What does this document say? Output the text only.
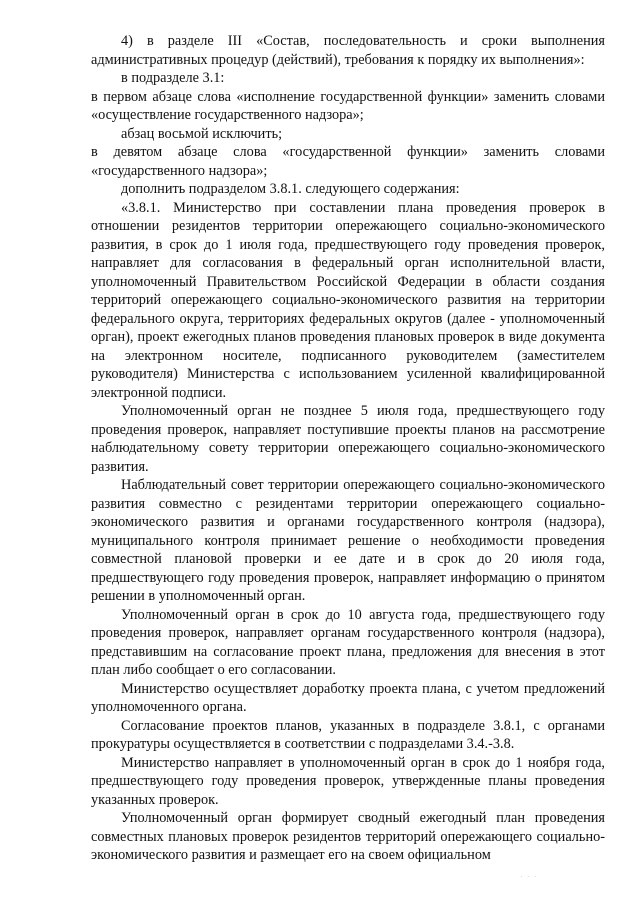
4) в разделе III «Состав, последовательность и сроки выполнения административных процедур (действий), требования к порядку их выполнения»:

в подразделе 3.1:

в первом абзаце слова «исполнение государственной функции» заменить словами «осуществление государственного надзора»;

абзац восьмой исключить;

в девятом абзаце слова «государственной функции» заменить словами «государственного надзора»;

дополнить подразделом 3.8.1. следующего содержания:

«3.8.1. Министерство при составлении плана проведения проверок в отношении резидентов территории опережающего социально-экономического развития, в срок до 1 июля года, предшествующего году проведения проверок, направляет для согласования в федеральный орган исполнительной власти, уполномоченный Правительством Российской Федерации в области создания территорий опережающего социально-экономического развития на территории федерального округа, территориях федеральных округов (далее - уполномоченный орган), проект ежегодных планов проведения плановых проверок в виде документа на электронном носителе, подписанного руководителем (заместителем руководителя) Министерства с использованием усиленной квалифицированной электронной подписи.

Уполномоченный орган не позднее 5 июля года, предшествующего году проведения проверок, направляет поступившие проекты планов на рассмотрение наблюдательному совету территории опережающего социально-экономического развития.

Наблюдательный совет территории опережающего социально-экономического развития совместно с резидентами территории опережающего социально-экономического развития и органами государственного контроля (надзора), муниципального контроля принимает решение о необходимости проведения совместной плановой проверки и ее дате и в срок до 20 июля года, предшествующего году проведения проверок, направляет информацию о принятом решении в уполномоченный орган.

Уполномоченный орган в срок до 10 августа года, предшествующего году проведения проверок, направляет органам государственного контроля (надзора), представившим на согласование проект плана, предложения для внесения в этот план либо сообщает о его согласовании.

Министерство осуществляет доработку проекта плана, с учетом предложений уполномоченного органа.

Согласование проектов планов, указанных в подразделе 3.8.1, с органами прокуратуры осуществляется в соответствии с подразделами 3.4.-3.8.

Министерство направляет в уполномоченный орган в срок до 1 ноября года, предшествующего году проведения проверок, утвержденные планы проведения указанных проверок.

Уполномоченный орган формирует сводный ежегодный план проведения совместных плановых проверок резидентов территорий опережающего социально-экономического развития и размещает его на своем официальном

· · ·
